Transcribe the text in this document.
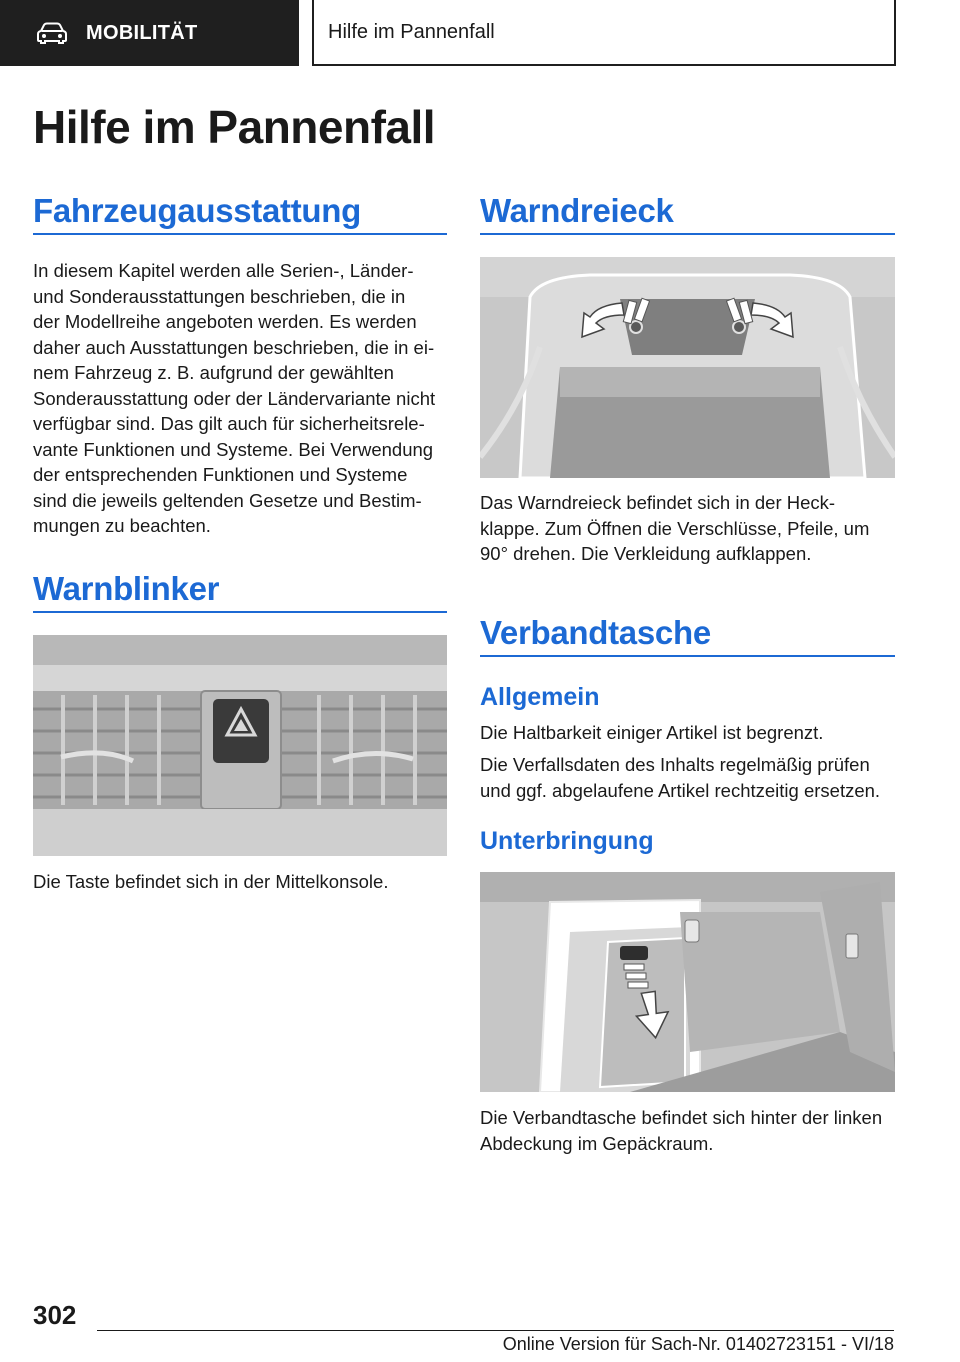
MOBILITÄT	Hilfe im Pannenfall
Hilfe im Pannenfall
Fahrzeugausstattung
In diesem Kapitel werden alle Serien-, Länder-
und Sonderausstattungen beschrieben, die in
der Modellreihe angeboten werden. Es werden
daher auch Ausstattungen beschrieben, die in ei-
nem Fahrzeug z. B. aufgrund der gewählten
Sonderausstattung oder der Ländervariante nicht
verfügbar sind. Das gilt auch für sicherheitsrele-
vante Funktionen und Systeme. Bei Verwendung
der entsprechenden Funktionen und Systeme
sind die jeweils geltenden Gesetze und Bestim-
mungen zu beachten.
Warnblinker
Die Taste befindet sich in der Mittelkonsole.
Warndreieck
Das Warndreieck befindet sich in der Heck-
klappe. Zum Öffnen die Verschlüsse, Pfeile, um
90° drehen. Die Verkleidung aufklappen.
Verbandtasche
Allgemein
Die Haltbarkeit einiger Artikel ist begrenzt.
Die Verfallsdaten des Inhalts regelmäßig prüfen
und ggf. abgelaufene Artikel rechtzeitig ersetzen.
Unterbringung
Die Verbandtasche befindet sich hinter der linken
Abdeckung im Gepäckraum.
302
Online Version für Sach-Nr. 01402723151 - VI/18
